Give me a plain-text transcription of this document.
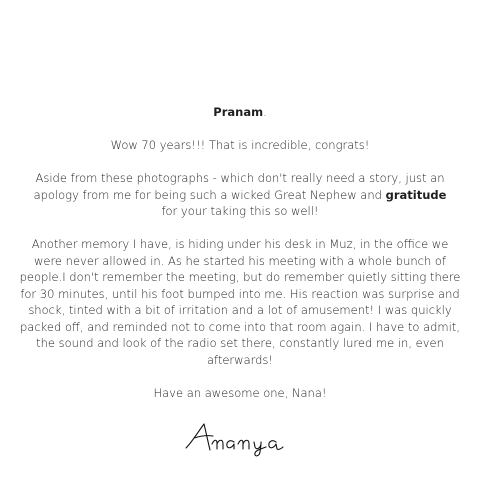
Pranam.

Wow 70 years!!! That is incredible, congrats!

Aside from these photographs - which don't really need a story, just an apology from me for being such a wicked Great Nephew and gratitude
for your taking this so well!

Another memory I have, is hiding under his desk in Muz, in the office we were never allowed in. As he started his meeting with a whole bunch of people.I don't remember the meeting, but do remember quietly sitting there for 30 minutes, until his foot bumped into me. His reaction was surprise and shock, tinted with a bit of irritation and a lot of amusement! I was quickly packed off, and reminded not to come into that room again. I have to admit, the sound and look of the radio set there, constantly lured me in, even afterwards!

Have an awesome one, Nana!
